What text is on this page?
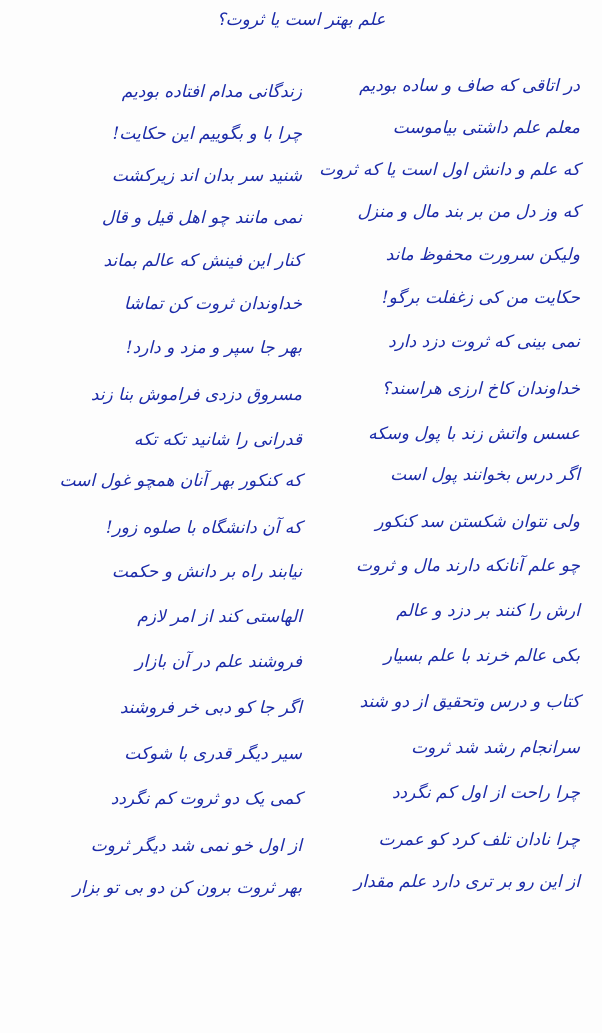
علم بهتر است یا ثروت؟
در اتاقی که صاف و ساده بودیم
زندگانی مدام افتاده بودیم
معلم علم داشتی بیاموست
چرا با و بگوییم این حکایت!
که علم و دانش اول است یا که ثروت
شنید سر بدان اند زیرکشت
که وز دل من بر بند مال و منزل
نمی مانند چو اهل قیل و قال
ولیکن سرورت محفوظ ماند
کنار این فینش که عالم بماند
حکایت من کی زغفلت برگو!
خداوندان ثروت کن تماشا
نمی بینی که ثروت دزد دارد
بهر جا سپر و مزد و دارد!
خداوندان کاخ ارزی هراسند؟
مسروق دزدی فراموش بنا زند
عسس واتش زند با پول وسکه
قدرانی را شانید تکه تکه
اگر درس بخوانند پول است
که کنکور بهر آنان همچو غول است
ولی نتوان شکستن سد کنکور
که آن دانشگاه با صلوه زور!
چو علم آنانکه دارند مال و ثروت
نیابند راه بر دانش و حکمت
ارش را کنند بر دزد و عالم
الهاستی کند از امر لازم
بکی عالم خرند با علم بسیار
فروشند علم در آن بازار
کتاب و درس وتحقیق از دو شند
اگر جا کو دبی خر فروشند
سرانجام رشد شد ثروت
سیر دیگر قدری با شوکت
چرا راحت از اول کم نگردد
کمی یک دو ثروت کم نگردد
چرا نادان تلف کرد کو عمرت
از اول خو نمی شد دیگر ثروت
از این رو بر تری دارد علم مقدار
بهر ثروت برون کن دو بی تو بزار
